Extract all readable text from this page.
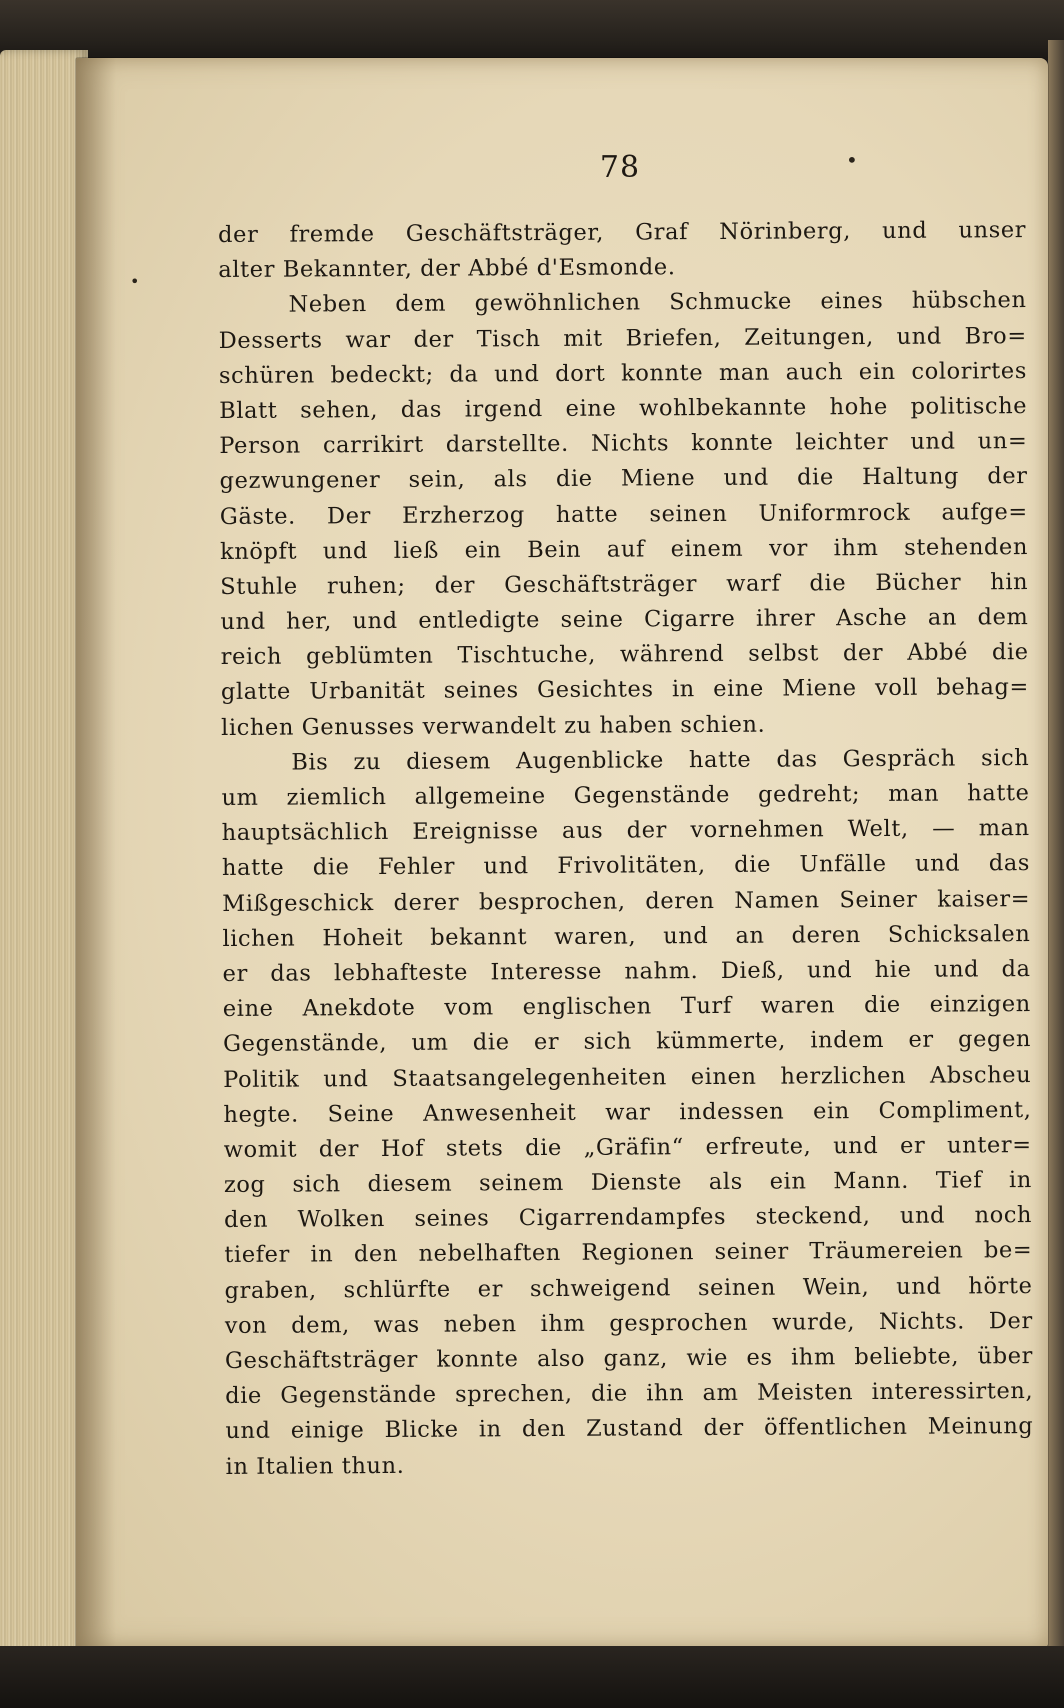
•
•
78
der fremde Geschäftsträger, Graf Nörinberg, und unser
alter Bekannter, der Abbé d'Esmonde.
Neben dem gewöhnlichen Schmucke eines hübschen
Desserts war der Tisch mit Briefen, Zeitungen, und Bro=
schüren bedeckt; da und dort konnte man auch ein colorirtes
Blatt sehen, das irgend eine wohlbekannte hohe politische
Person carrikirt darstellte. Nichts konnte leichter und un=
gezwungener sein, als die Miene und die Haltung der
Gäste. Der Erzherzog hatte seinen Uniformrock aufge=
knöpft und ließ ein Bein auf einem vor ihm stehenden
Stuhle ruhen; der Geschäftsträger warf die Bücher hin
und her, und entledigte seine Cigarre ihrer Asche an dem
reich geblümten Tischtuche, während selbst der Abbé die
glatte Urbanität seines Gesichtes in eine Miene voll behag=
lichen Genusses verwandelt zu haben schien.
Bis zu diesem Augenblicke hatte das Gespräch sich
um ziemlich allgemeine Gegenstände gedreht; man hatte
hauptsächlich Ereignisse aus der vornehmen Welt, — man
hatte die Fehler und Frivolitäten, die Unfälle und das
Mißgeschick derer besprochen, deren Namen Seiner kaiser=
lichen Hoheit bekannt waren, und an deren Schicksalen
er das lebhafteste Interesse nahm. Dieß, und hie und da
eine Anekdote vom englischen Turf waren die einzigen
Gegenstände, um die er sich kümmerte, indem er gegen
Politik und Staatsangelegenheiten einen herzlichen Abscheu
hegte. Seine Anwesenheit war indessen ein Compliment,
womit der Hof stets die „Gräfin“ erfreute, und er unter=
zog sich diesem seinem Dienste als ein Mann. Tief in
den Wolken seines Cigarrendampfes steckend, und noch
tiefer in den nebelhaften Regionen seiner Träumereien be=
graben, schlürfte er schweigend seinen Wein, und hörte
von dem, was neben ihm gesprochen wurde, Nichts. Der
Geschäftsträger konnte also ganz, wie es ihm beliebte, über
die Gegenstände sprechen, die ihn am Meisten interessirten,
und einige Blicke in den Zustand der öffentlichen Meinung
in Italien thun.
